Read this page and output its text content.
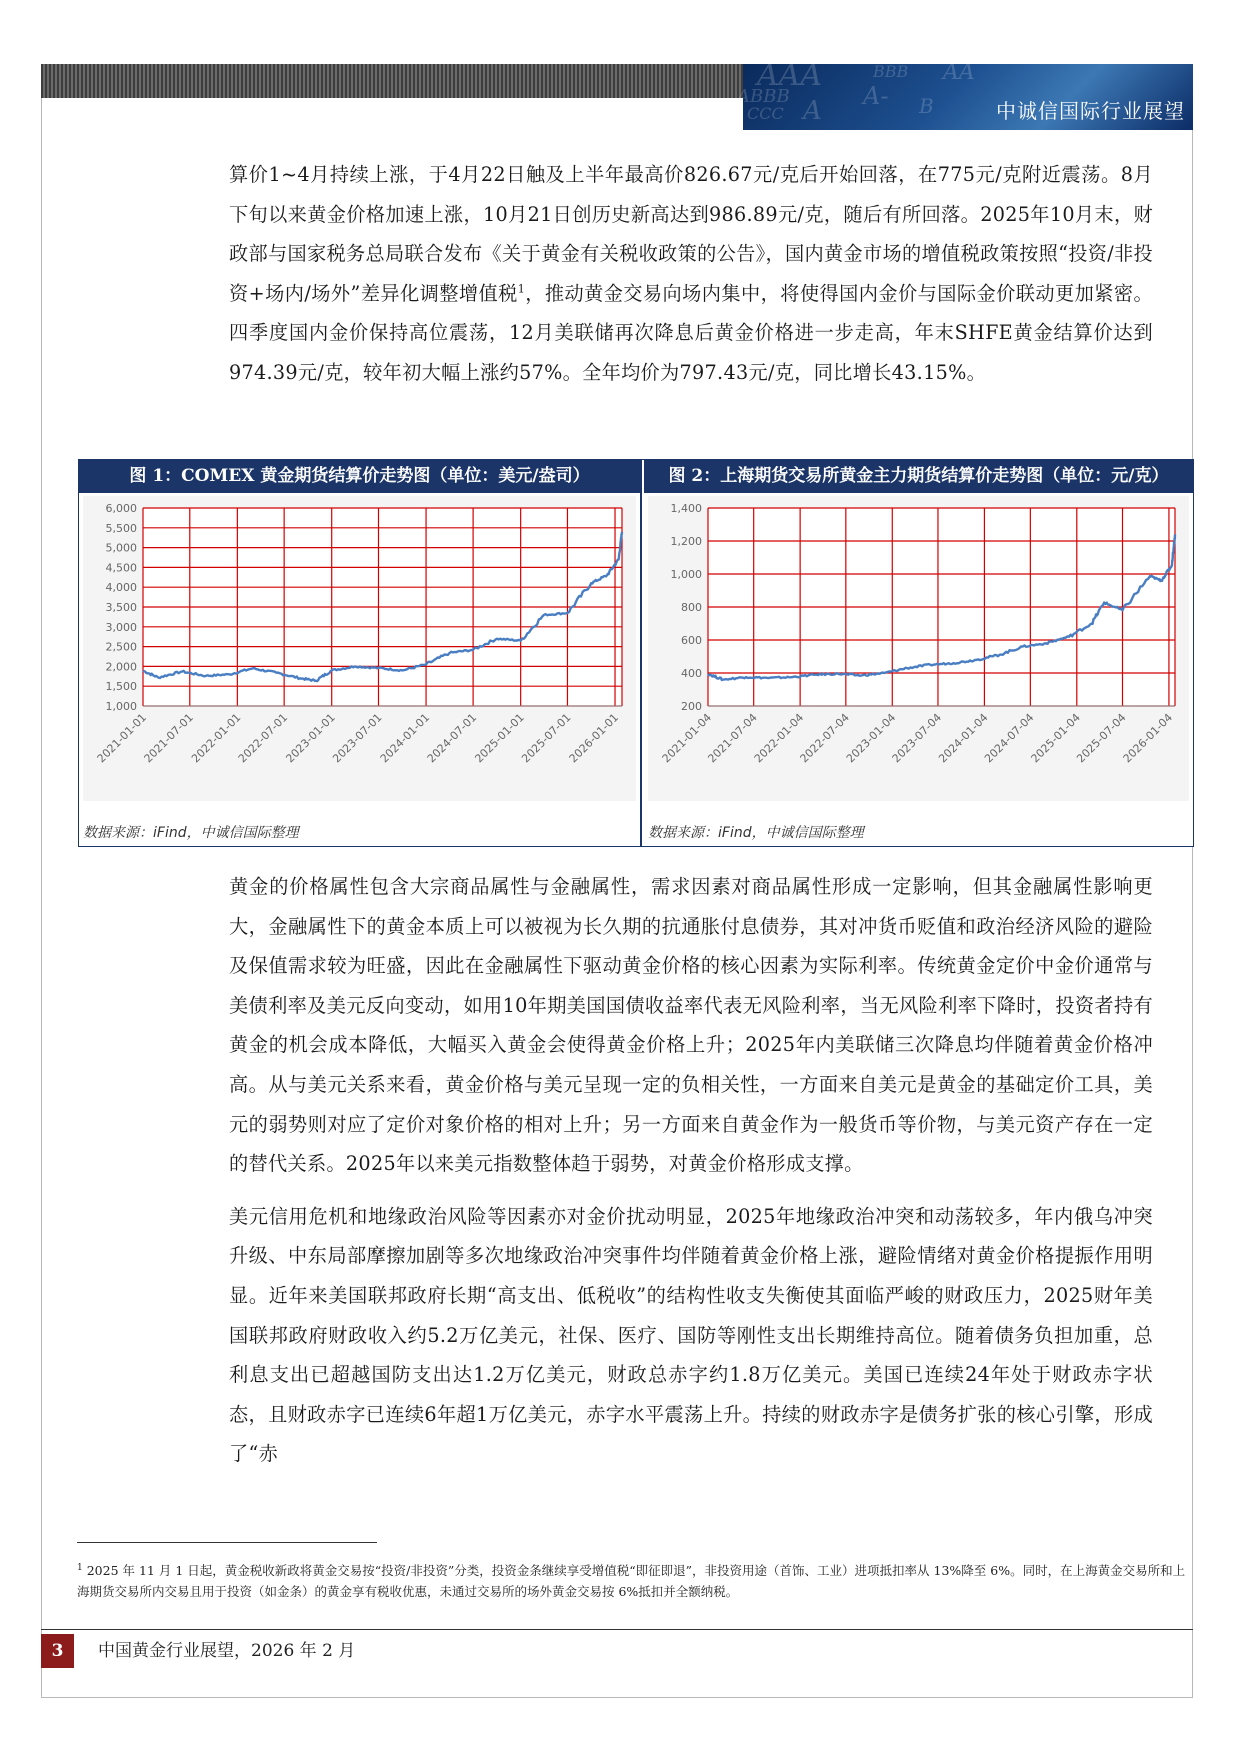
AAA
ABBB	A-
CCC
AA
BBB
A	B	中诚信国际行业展望

算价1~4月持续上涨，于4月22日触及上半年最高价826.67元/克后开始回落，在775元/克附近震荡。8月下旬以来黄金价格加速上涨，10月21日创历史新高达到986.89元/克，随后有所回落。2025年10月末，财政部与国家税务总局联合发布《关于黄金有关税收政策的公告》，国内黄金市场的增值税政策按照“投资/非投资+场内/场外”差异化调整增值税$^1$，推动黄金交易向场内集中，将使得国内金价与国际金价联动更加紧密。四季度国内金价保持高位震荡，12月美联储再次降息后黄金价格进一步走高，年末SHFE黄金结算价达到974.39元/克，较年初大幅上涨约57%。全年均价为797.43元/克，同比增长43.15%。

图 1：COMEX 黄金期货结算价走势图（单位：美元/盎司）
1,000
1,500
2,000
2,500
3,000
3,500
4,000
4,500
5,000
5,500
6,000
2021-01-01
2021-07-01
2022-01-01
2022-07-01
2023-01-01
2023-07-01
2024-01-01
2024-07-01
2025-01-01
2025-07-01
2026-01-01
数据来源：iFind，中诚信国际整理
图 2：上海期货交易所黄金主力期货结算价走势图（单位：元/克）
200
400
600
800
1,000
1,200
1,400
2021-01-04
2021-07-04
2022-01-04
2022-07-04
2023-01-04
2023-07-04
2024-01-04
2024-07-04
2025-01-04
2025-07-04
2026-01-04
数据来源：iFind，中诚信国际整理

黄金的价格属性包含大宗商品属性与金融属性，需求因素对商品属性形成一定影响，但其金融属性影响更大，金融属性下的黄金本质上可以被视为长久期的抗通胀付息债券，其对冲货币贬值和政治经济风险的避险及保值需求较为旺盛，因此在金融属性下驱动黄金价格的核心因素为实际利率。传统黄金定价中金价通常与美债利率及美元反向变动，如用10年期美国国债收益率代表无风险利率，当无风险利率下降时，投资者持有黄金的机会成本降低，大幅买入黄金会使得黄金价格上升；2025年内美联储三次降息均伴随着黄金价格冲高。从与美元关系来看，黄金价格与美元呈现一定的负相关性，一方面来自美元是黄金的基础定价工具，美元的弱势则对应了定价对象价格的相对上升；另一方面来自黄金作为一般货币等价物，与美元资产存在一定的替代关系。2025年以来美元指数整体趋于弱势，对黄金价格形成支撑。

美元信用危机和地缘政治风险等因素亦对金价扰动明显，2025年地缘政治冲突和动荡较多，年内俄乌冲突升级、中东局部摩擦加剧等多次地缘政治冲突事件均伴随着黄金价格上涨，避险情绪对黄金价格提振作用明显。近年来美国联邦政府长期“高支出、低税收”的结构性收支失衡使其面临严峻的财政压力，2025财年美国联邦政府财政收入约5.2万亿美元，社保、医疗、国防等刚性支出长期维持高位。随着债务负担加重，总利息支出已超越国防支出达1.2万亿美元，财政总赤字约1.8万亿美元。美国已连续24年处于财政赤字状态，且财政赤字已连续6年超1万亿美元，赤字水平震荡上升。持续的财政赤字是债务扩张的核心引擎，形成了“赤

$^1$ 2025 年 11 月 1 日起，黄金税收新政将黄金交易按“投资/非投资”分类，投资金条继续享受增值税“即征即退”，非投资用途（首饰、工业）进项抵扣率从 13%降至 6%。同时，在上海黄金交易所和上海期货交易所内交易且用于投资（如金条）的黄金享有税收优惠，未通过交易所的场外黄金交易按 6%抵扣并全额纳税。
3	中国黄金行业展望，2026 年 2 月
